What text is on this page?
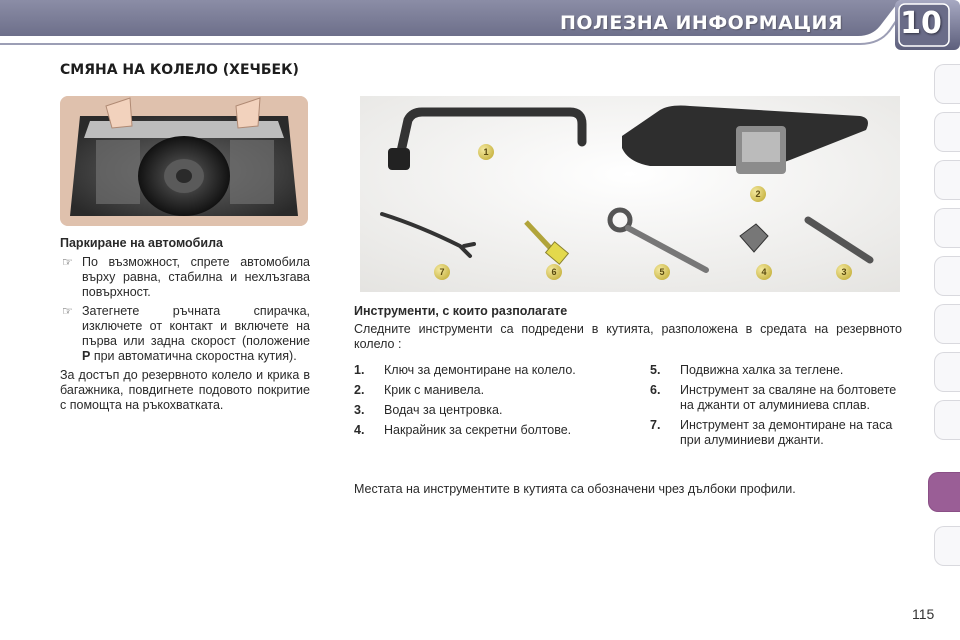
ПОЛЕЗНА ИНФОРМАЦИЯ	10
СМЯНА НА КОЛЕЛО (ХЕЧБЕК)
1
2
3
4
5
6
7
Паркиране на автомобила
☞ По възможност, спрете автомобила върху равна, стабилна и нехлъзгава повърхност.
☞ Затегнете ръчната спирачка, изключете от контакт и включете на първа или задна скорост (положение P при автоматична скоростна кутия).
За достъп до резервното колело и крика в багажника, повдигнете подовото покритие с помощта на ръкохватката.
Инструменти, с които разполагате
Следните инструменти са подредени в кутията, разположена в средата на резервното колело :
1. Ключ за демонтиране на колело.
2. Крик с манивела.
3. Водач за центровка.
4. Накрайник за секретни болтове.
5. Подвижна халка за теглене.
6. Инструмент за сваляне на болтовете на джанти от алуминиева сплав.
7. Инструмент за демонтиране на таса при алуминиеви джанти.
Местата на инструментите в кутията са обозначени чрез дълбоки профили.
115
